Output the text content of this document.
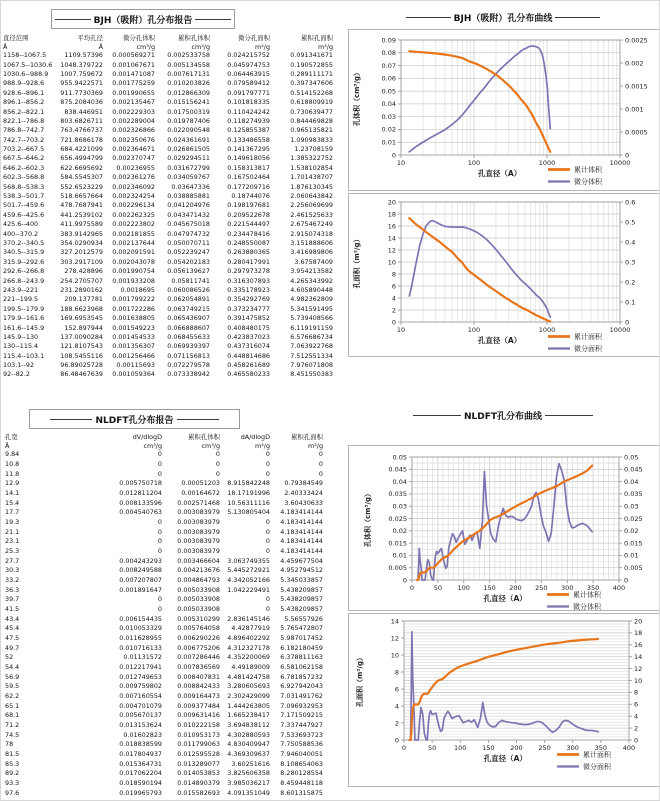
BJH（吸附）孔分布报告
直径范围	平均孔径	微分孔体积	累积孔体积	微分孔面积	累积孔面积
Å	Å	cm³/g	cm³/g	m²/g	m²/g
1158--1067.5	1109.57396	0.000569271	0.002533758	0.024215752	0.091341671
1067.5--1030.6	1048.379722	0.001067671	0.005134558	0.045974753	0.190572855
1030.6--988.9	1007.759672	0.001471087	0.007617131	0.064463915	0.289111171
988.9--928.6	955.9422571	0.001775259	0.010203826	0.079589412	0.397347606
928.6--896.1	911.7730369	0.001990655	0.012866309	0.091797771	0.514152268
896.1--856.2	875.2084036	0.002135467	0.015156241	0.101818335	0.618809919
856.2--822.1	838.446951	0.002229303	0.017500319	0.110424242	0.730639477
822.1--786.8	803.6826711	0.002289004	0.019787406	0.118274939	0.844469828
786.8--742.7	763.4766737	0.002326866	0.022090548	0.125855387	0.965135821
742.7--703.2	721.8686178	0.002350676	0.024361691	0.133486558	1.090983833
703.2--667.5	684.4221099	0.002364671	0.026861505	0.141367295	1.23708159
667.5--646.2	656.4994799	0.002370747	0.029294511	0.149618056	1.385322752
646.2--602.3	622.6695692	0.00236955	0.031672799	0.158313817	1.538102854
602.3--568.8	584.5545307	0.002361276	0.034059767	0.167502464	1.701438707
568.8--538.3	552.6523229	0.002346092	0.03647336	0.177209716	1.876130345
538.3--501.7	518.6657664	0.002324254	0.038885881	0.18744076	2.060643842
501.7--459.6	478.7687941	0.002296134	0.041204976	0.198197681	2.256069699
459.6--425.6	441.2539102	0.002262325	0.043471432	0.209522678	2.461525633
425.6--400	411.9975589	0.002223802	0.045675018	0.221544497	2.675467249
400--370.2	383.9142965	0.002181855	0.047974732	0.234478416	2.915074318
370.2--340.5	354.0290934	0.002137644	0.050070711	0.248550087	3.151888606
340.5--315.9	327.2012579	0.002091591	0.052239247	0.263880365	3.416989806
315.9--292.6	303.2917109	0.002043078	0.054202183	0.280417991	3.67587409
292.6--266.8	278.428896	0.001990754	0.056139627	0.297973278	3.954213582
266.8--243.9	254.2705707	0.001933208	0.05811741	0.316307893	4.265343992
243.9--221	231.2890162	0.0018695	0.060086526	0.335178923	4.605890448
221--199.5	209.137781	0.001799222	0.062054891	0.354292769	4.982362809
199.5--179.9	188.6623968	0.001722286	0.063749215	0.373234777	5.341591495
179.9--161.6	169.6953545	0.001638805	0.065436907	0.391475852	5.739408566
161.6--145.9	152.897944	0.001549223	0.066888607	0.408480175	6.119191159
145.9--130	137.0090284	0.001454533	0.068455633	0.423837023	6.576686734
130--115.4	121.8107543	0.001356307	0.069939397	0.437316074	7.063922768
115.4--103.1	108.5455116	0.001256466	0.071156813	0.448814686	7.512551334
103.1--92	96.89025728	0.00115693	0.072279578	0.458261689	7.976071808
92--82.2	86.48467639	0.001059364	0.073338942	0.465580233	8.451550383
BJH（吸附）孔分布曲线
0
0.01
0.02
0.03
0.04
0.05
0.06
0.07
0.08
0.09
0
0.0005
0.001
0.0015
0.002
0.0025
10	100	1000	10000
孔直径（A）
孔体积（cm³/g）
累计体积
微分体积
0
2
4
6
8
10
12
14
16
18
20
0
0.1
0.2
0.3
0.4
0.5
0.6
10	100	1000	10000
孔直径（A）
孔面积（m²/g）
累计面积
微分面积
NLDFT孔分布报告
孔宽	dV/dlogD	累积孔体积	dA/dlogD	累积孔面积
Å	cm³/g	cm³/g	m²/g	m²/g
9.84	0	0	0	0
10.8	0	0	0	0
11.8	0	0	0	0
12.9	0.005750718	0.00051203	8.915842248	0.79384549
14.1	0.012811204	0.00164672	18.17191996	2.40333424
15.4	0.008133596	0.002571468	10.56311116	3.60430633
17.7	0.004540763	0.003083979	5.130805404	4.183414144
19.3	0	0.003083979	0	4.183414144
21.1	0	0.003083979	0	4.183414144
23.1	0	0.003083979	0	4.183414144
25.3	0	0.003083979	0	4.183414144
27.7	0.004243293	0.003466604	3.063749355	4.459677504
30.3	0.008249588	0.004213676	5.445272921	4.952794512
33.2	0.007207807	0.004864793	4.342052166	5.345033857
36.3	0.001891647	0.005033908	1.042229491	5.438209857
39.7	0	0.005033908	0	5.438209857
41.5	0	0.005033908	0	5.438209857
43.4	0.006154435	0.005310299	2.836145146	5.56557926
45.4	0.010053329	0.005764058	4.42877919	5.765472807
47.5	0.011628955	0.006290226	4.896402292	5.987017452
49.7	0.010716133	0.006775206	4.312327178	6.182180459
52	0.01131572	0.007286446	4.352200069	6.378811163
54.4	0.012217941	0.007836569	4.49189009	6.581062158
56.9	0.012749653	0.008407831	4.481424758	6.781857232
59.5	0.009759802	0.008842433	3.280605693	6.927942043
62.2	0.007160554	0.009164473	2.302429099	7.031491762
65.1	0.004701079	0.009377484	1.444263805	7.096932953
68.1	0.005670137	0.009631416	1.665238417	7.171509215
71.2	0.013153624	0.010222158	3.694838112	7.337447927
74.5	0.01602823	0.010953173	4.302880593	7.533693723
78	0.018838599	0.011799063	4.830409947	7.750588536
81.5	0.017804937	0.012595528	4.369309637	7.946040051
85.3	0.015364731	0.013289077	3.60251616	8.108654063
89.2	0.017062204	0.014053853	3.825606358	8.280128554
93.3	0.018590194	0.014890379	3.985036217	8.459448118
97.6	0.019965793	0.015582693	4.091351049	8.601315875
NLDFT孔分布曲线
0
0.005
0.01
0.015
0.02
0.025
0.03
0.035
0.04
0.045
0.05
0
0.005
0.01
0.015
0.02
0.025
0.03
0.035
0.04
0.045
0.05
0	50 100 150 200 250 300 350 400
孔直径（A）
孔体积（cm³/g）
累计体积
微分体积
0
2
4
6
8
10
12
14
0
2
4
6
8
10
12
14
16
18
20
0	50	100 150 200 250 300 350 400
孔直径（A）
孔面积（m²/g）
累计面积
微分面积
